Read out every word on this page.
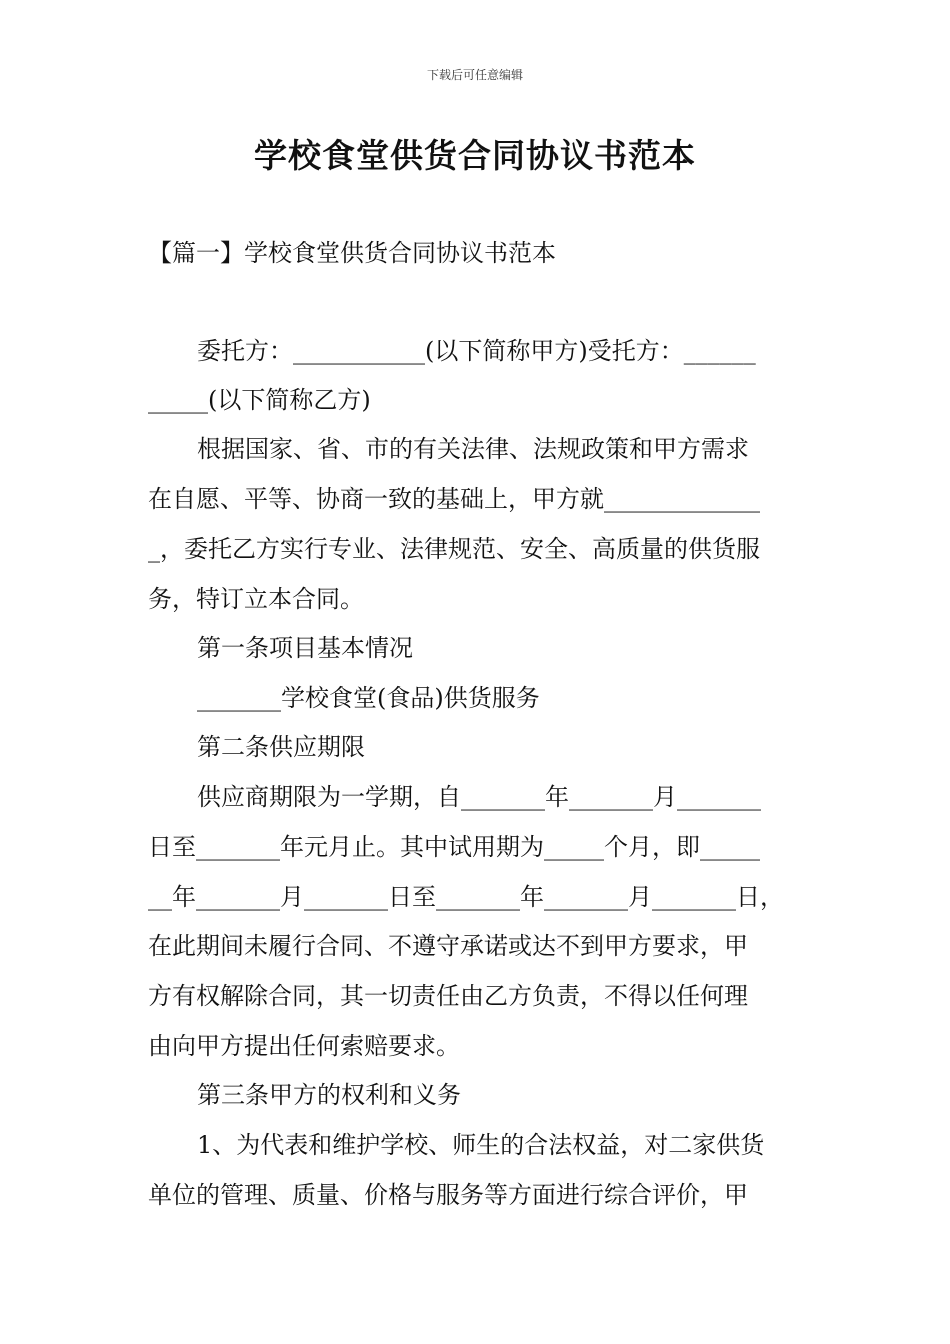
下载后可任意编辑
学校食堂供货合同协议书范本
【篇一】学校食堂供货合同协议书范本
委托方：___________(以下简称甲方)受托方：______
_____(以下简称乙方)
根据国家、省、市的有关法律、法规政策和甲方需求
在自愿、平等、协商一致的基础上，甲方就_____________
_，委托乙方实行专业、法律规范、安全、高质量的供货服
务，特订立本合同。
第一条项目基本情况
_______学校食堂(食品)供货服务
第二条供应期限
供应商期限为一学期，自_______年_______月_______
日至_______年元月止。其中试用期为_____个月，即_____
__年_______月_______日至_______年_______月_______日，
在此期间未履行合同、不遵守承诺或达不到甲方要求，甲
方有权解除合同，其一切责任由乙方负责，不得以任何理
由向甲方提出任何索赔要求。
第三条甲方的权利和义务
1、为代表和维护学校、师生的合法权益，对二家供货
单位的管理、质量、价格与服务等方面进行综合评价，甲
